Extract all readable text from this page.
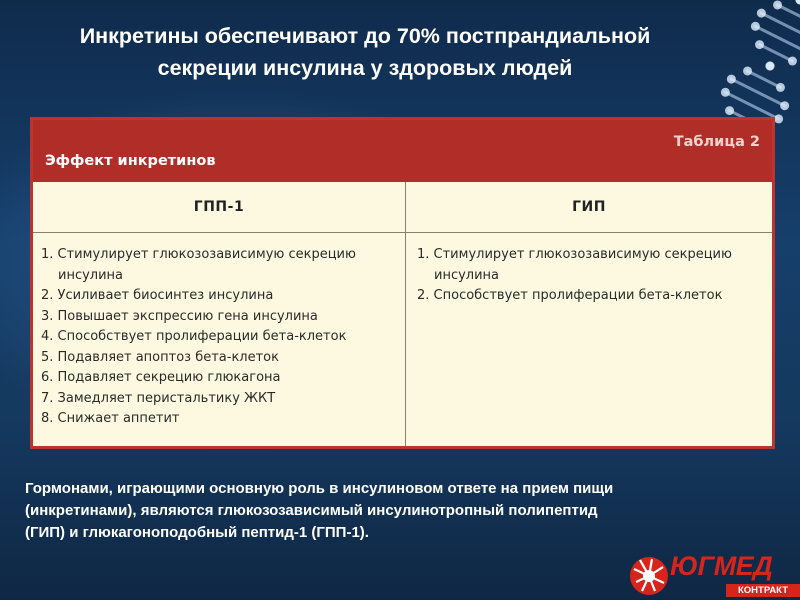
Инкретины обеспечивают до 70% постпрандиальной секреции инсулина у здоровых людей
Таблица 2
Эффект инкретинов
ГПП-1	ГИП
1. Стимулирует глюкозозависимую секрецию инсулина
2. Усиливает биосинтез инсулина
3. Повышает экспрессию гена инсулина
4. Способствует пролиферации бета-клеток
5. Подавляет апоптоз бета-клеток
6. Подавляет секрецию глюкагона
7. Замедляет перистальтику ЖКТ
8. Снижает аппетит
1. Стимулирует глюкозозависимую секрецию инсулина
2. Способствует пролиферации бета-клеток
Гормонами, играющими основную роль в инсулиновом ответе на прием пищи
(инкретинами), являются глюкозозависимый инсулинотропный полипептид
(ГИП) и глюкагоноподобный пептид-1 (ГПП-1).
ЮГМЕД
КОНТРАКТ
